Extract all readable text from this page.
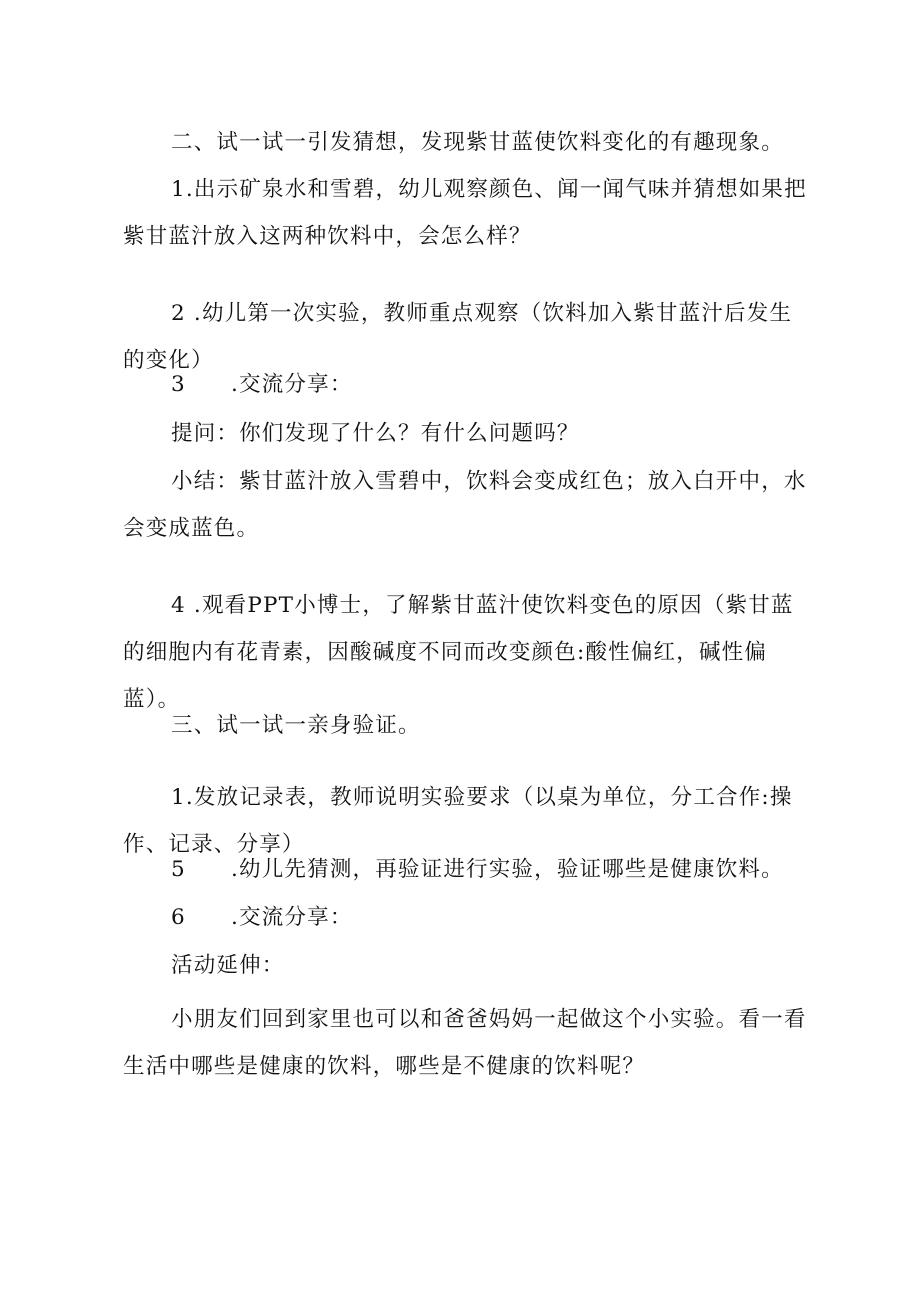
二、试一试一引发猜想，发现紫甘蓝使饮料变化的有趣现象。

1.出示矿泉水和雪碧，幼儿观察颜色、闻一闻气味并猜想如果把紫甘蓝汁放入这两种饮料中，会怎么样？

2 .幼儿第一次实验，教师重点观察（饮料加入紫甘蓝汁后发生的变化）

3 .交流分享：

提问：你们发现了什么？有什么问题吗？

小结：紫甘蓝汁放入雪碧中，饮料会变成红色；放入白开中，水会变成蓝色。

4 .观看PPT小博士，了解紫甘蓝汁使饮料变色的原因（紫甘蓝的细胞内有花青素，因酸碱度不同而改变颜色:酸性偏红，碱性偏蓝）。

三、试一试一亲身验证。

1.发放记录表，教师说明实验要求（以桌为单位，分工合作:操作、记录、分享）

5 .幼儿先猜测，再验证进行实验，验证哪些是健康饮料。
6 .交流分享：

活动延伸：

小朋友们回到家里也可以和爸爸妈妈一起做这个小实验。看一看生活中哪些是健康的饮料，哪些是不健康的饮料呢？
